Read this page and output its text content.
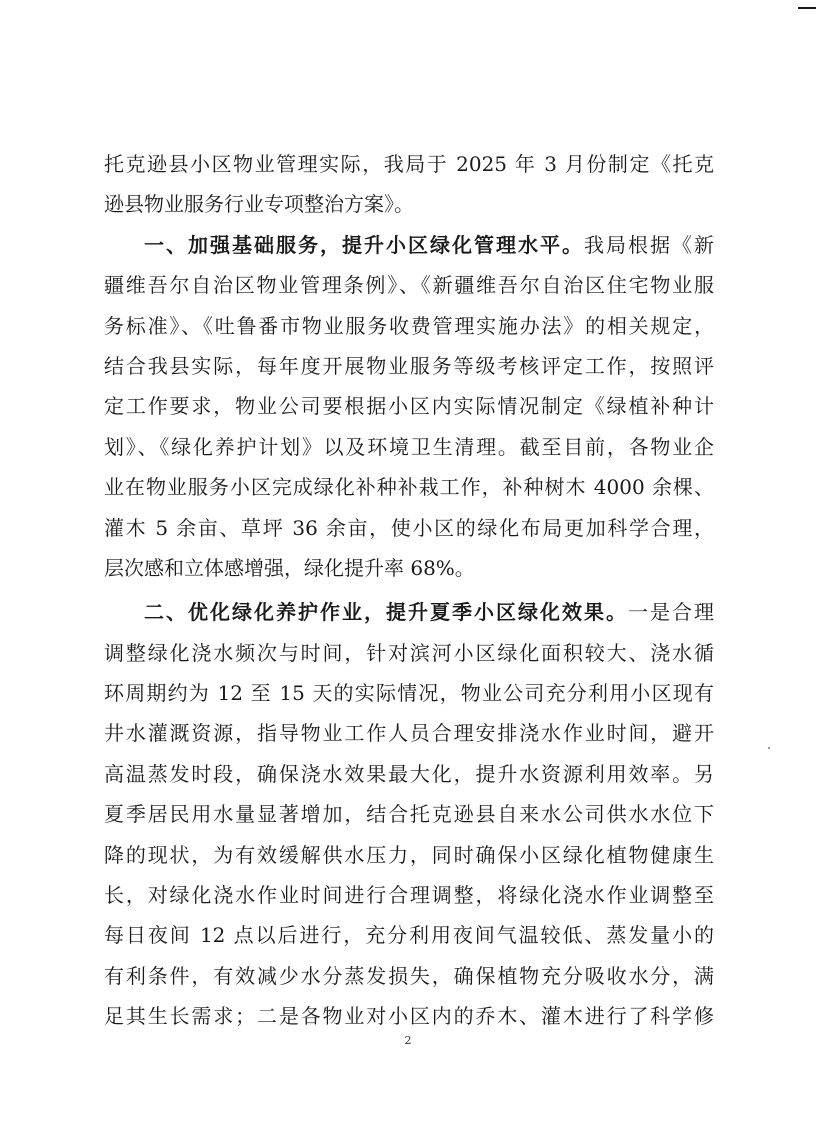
托克逊县小区物业管理实际，我局于 2025 年 3 月份制定《托克
逊县物业服务行业专项整治方案》。
一、加强基础服务，提升小区绿化管理水平。我局根据《新
疆维吾尔自治区物业管理条例》、《新疆维吾尔自治区住宅物业服
务标准》、《吐鲁番市物业服务收费管理实施办法》的相关规定，
结合我县实际，每年度开展物业服务等级考核评定工作，按照评
定工作要求，物业公司要根据小区内实际情况制定《绿植补种计
划》、《绿化养护计划》以及环境卫生清理。截至目前，各物业企
业在物业服务小区完成绿化补种补栽工作，补种树木 4000 余棵、
灌木 5 余亩、草坪 36 余亩，使小区的绿化布局更加科学合理，
层次感和立体感增强，绿化提升率 68%。
二、优化绿化养护作业，提升夏季小区绿化效果。一是合理
调整绿化浇水频次与时间，针对滨河小区绿化面积较大、浇水循
环周期约为 12 至 15 天的实际情况，物业公司充分利用小区现有
井水灌溉资源，指导物业工作人员合理安排浇水作业时间，避开
高温蒸发时段，确保浇水效果最大化，提升水资源利用效率。另
夏季居民用水量显著增加，结合托克逊县自来水公司供水水位下
降的现状，为有效缓解供水压力，同时确保小区绿化植物健康生
长，对绿化浇水作业时间进行合理调整，将绿化浇水作业调整至
每日夜间 12 点以后进行，充分利用夜间气温较低、蒸发量小的
有利条件，有效减少水分蒸发损失，确保植物充分吸收水分，满
足其生长需求；二是各物业对小区内的乔木、灌木进行了科学修
2
